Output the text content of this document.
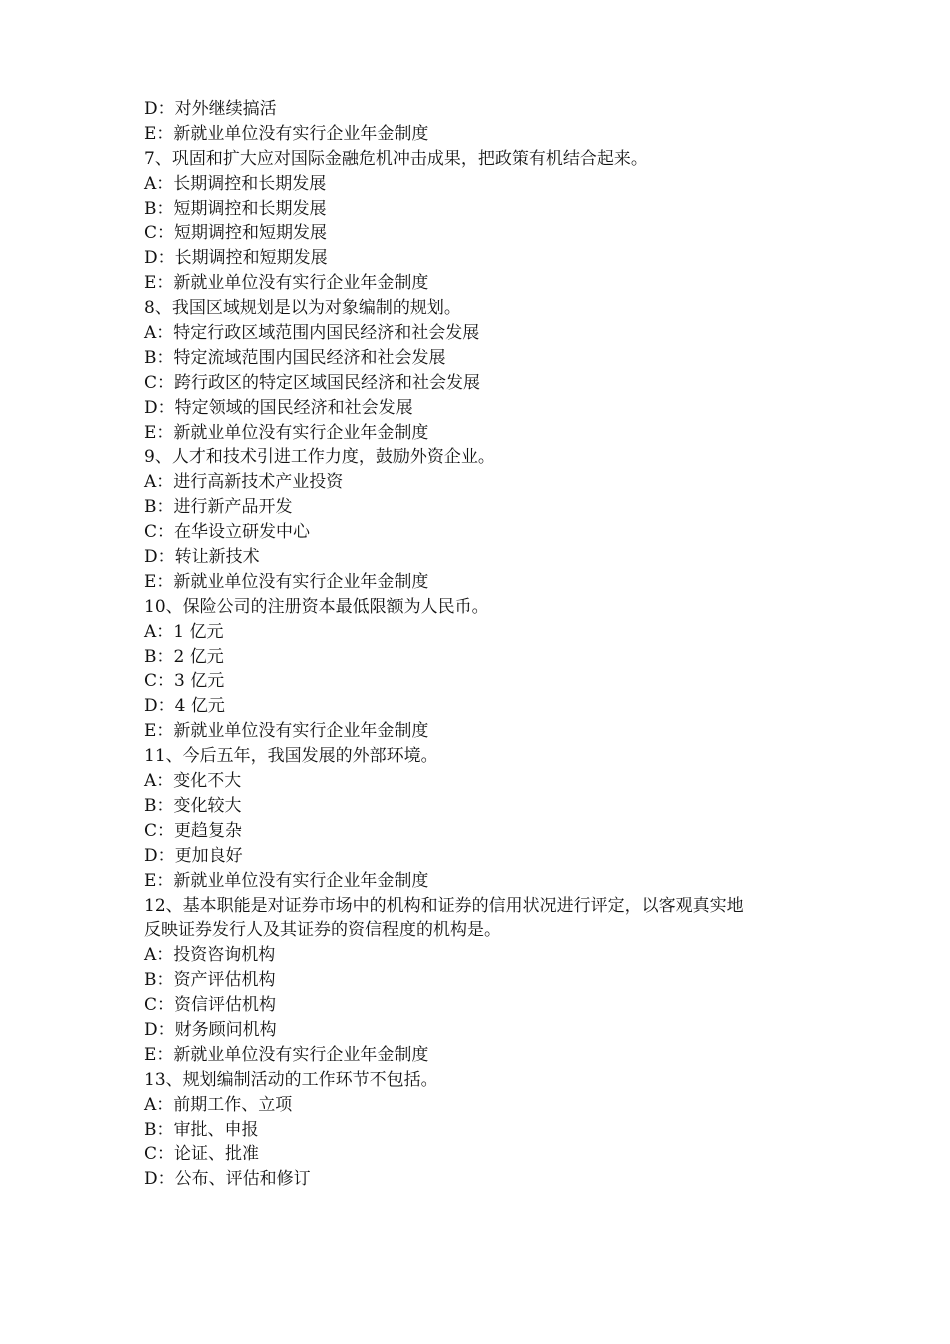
D：对外继续搞活
E：新就业单位没有实行企业年金制度
7、巩固和扩大应对国际金融危机冲击成果，把政策有机结合起来。
A：长期调控和长期发展
B：短期调控和长期发展
C：短期调控和短期发展
D：长期调控和短期发展
E：新就业单位没有实行企业年金制度
8、我国区域规划是以为对象编制的规划。
A：特定行政区域范围内国民经济和社会发展
B：特定流域范围内国民经济和社会发展
C：跨行政区的特定区域国民经济和社会发展
D：特定领域的国民经济和社会发展
E：新就业单位没有实行企业年金制度
9、人才和技术引进工作力度，鼓励外资企业。
A：进行高新技术产业投资
B：进行新产品开发
C：在华设立研发中心
D：转让新技术
E：新就业单位没有实行企业年金制度
10、保险公司的注册资本最低限额为人民币。
A：1 亿元
B：2 亿元
C：3 亿元
D：4 亿元
E：新就业单位没有实行企业年金制度
11、今后五年，我国发展的外部环境。
A：变化不大
B：变化较大
C：更趋复杂
D：更加良好
E：新就业单位没有实行企业年金制度
12、基本职能是对证券市场中的机构和证券的信用状况进行评定，以客观真实地
反映证券发行人及其证券的资信程度的机构是。
A：投资咨询机构
B：资产评估机构
C：资信评估机构
D：财务顾问机构
E：新就业单位没有实行企业年金制度
13、规划编制活动的工作环节不包括。
A：前期工作、立项
B：审批、申报
C：论证、批准
D：公布、评估和修订
